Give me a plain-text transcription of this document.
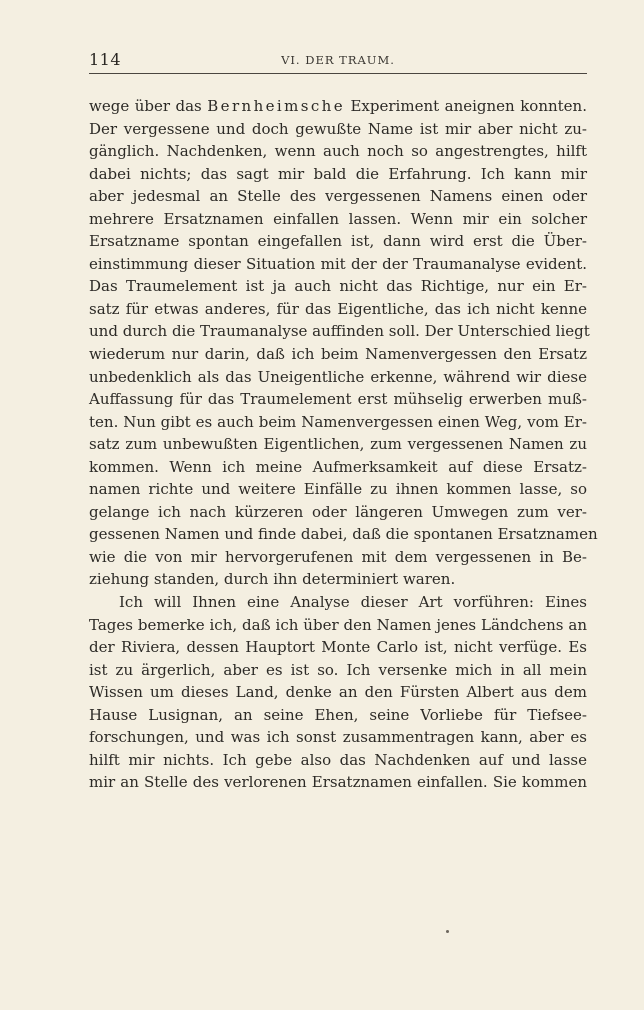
114	VI. DER TRAUM.
wege über das Bernheimsche Experiment aneignen konnten.
Der vergessene und doch gewußte Name ist mir aber nicht zu-
gänglich. Nachdenken, wenn auch noch so angestrengtes, hilft
dabei nichts; das sagt mir bald die Erfahrung. Ich kann mir
aber jedesmal an Stelle des vergessenen Namens einen oder
mehrere Ersatznamen einfallen lassen. Wenn mir ein solcher
Ersatzname spontan eingefallen ist, dann wird erst die Über-
einstimmung dieser Situation mit der der Traumanalyse evident.
Das Traumelement ist ja auch nicht das Richtige, nur ein Er-
satz für etwas anderes, für das Eigentliche, das ich nicht kenne
und durch die Traumanalyse auffinden soll. Der Unterschied liegt
wiederum nur darin, daß ich beim Namenvergessen den Ersatz
unbedenklich als das Uneigentliche erkenne, während wir diese
Auffassung für das Traumelement erst mühselig erwerben muß-
ten. Nun gibt es auch beim Namenvergessen einen Weg, vom Er-
satz zum unbewußten Eigentlichen, zum vergessenen Namen zu
kommen. Wenn ich meine Aufmerksamkeit auf diese Ersatz-
namen richte und weitere Einfälle zu ihnen kommen lasse, so
gelange ich nach kürzeren oder längeren Umwegen zum ver-
gessenen Namen und finde dabei, daß die spontanen Ersatznamen
wie die von mir hervorgerufenen mit dem vergessenen in Be-
ziehung standen, durch ihn determiniert waren.
Ich will Ihnen eine Analyse dieser Art vorführen: Eines
Tages bemerke ich, daß ich über den Namen jenes Ländchens an
der Riviera, dessen Hauptort Monte Carlo ist, nicht verfüge. Es
ist zu ärgerlich, aber es ist so. Ich versenke mich in all mein
Wissen um dieses Land, denke an den Fürsten Albert aus dem
Hause Lusignan, an seine Ehen, seine Vorliebe für Tiefsee-
forschungen, und was ich sonst zusammentragen kann, aber es
hilft mir nichts. Ich gebe also das Nachdenken auf und lasse
mir an Stelle des verlorenen Ersatznamen einfallen. Sie kommen
